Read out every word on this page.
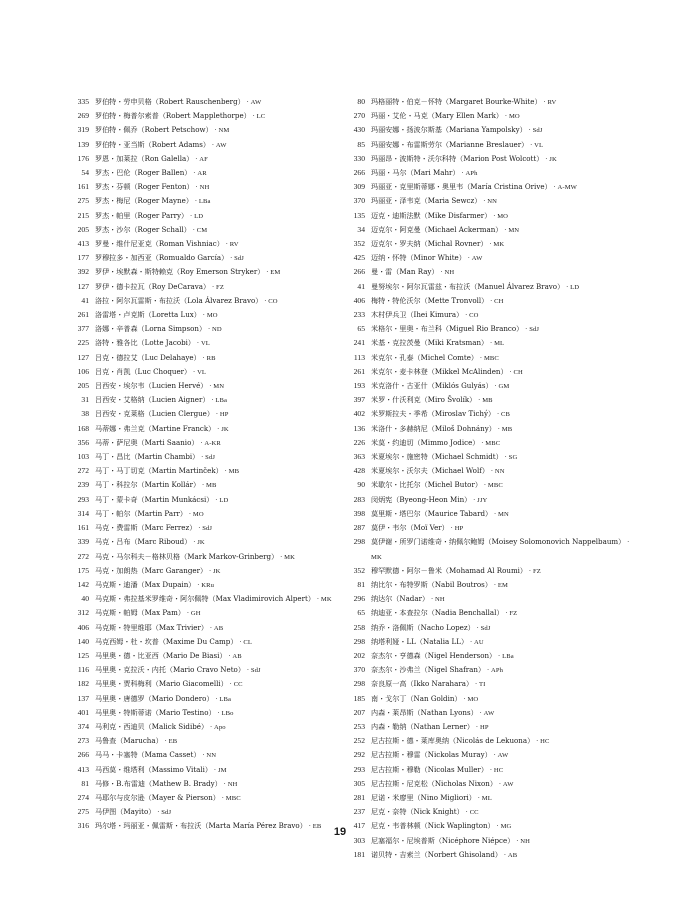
335 罗伯特・劳申贝格（Robert Rauschenberg） · AW
269 罗伯特・梅普尔索普（Robert Mapplethorpe） · LC
319 罗伯特・佩乔（Robert Petschow） · NM
139 罗伯特・亚当斯（Robert Adams） · AW
176 罗恩・加莱拉（Ron Galella） · AF
54 罗杰・巴伦（Roger Ballen） · AR
161 罗杰・芬顿（Roger Fenton） · NH
275 罗杰・梅尼（Roger Mayne） · LBa
215 罗杰・帕里（Roger Parry） · LD
205 罗杰・沙尔（Roger Schall） · CM
413 罗曼・维什尼亚克（Roman Vishniac） · RV
177 罗穆拉多・加西亚（Romualdo García） · SdJ
392 罗伊・埃默森・斯特赖克（Roy Emerson Stryker） · EM
127 罗伊・德卡拉瓦（Roy DeCarava） · FZ
41 洛拉・阿尔瓦雷斯・布拉沃（Lola Álvarez Bravo） · CO
261 洛雷塔・卢克斯（Loretta Lux） · MO
377 洛娜・辛普森（Lorna Simpson） · ND
225 洛特・雅各比（Lotte Jacobi） · VL
127 吕克・德拉艾（Luc Delahaye） · RB
106 吕克・肖凯（Luc Choquer） · VL
205 吕西安・埃尔韦（Lucien Hervé） · MN
31 吕西安・艾格纳（Lucien Aigner） · LBa
38 吕西安・克莱格（Lucien Clergue） · HP
168 马蒂娜・弗兰克（Martine Franck） · JK
356 马蒂・萨尼奥（Marti Saanio） · A-KR
103 马丁・昌比（Martin Chambi） · SdJ
272 马丁・马丁切克（Martin Martinček） · MB
239 马丁・科拉尔（Martin Kollár） · MB
293 马丁・蒙卡奇（Martin Munkácsi） · LD
314 马丁・帕尔（Martin Parr） · MO
161 马克・费雷斯（Marc Ferrez） · SdJ
339 马克・吕布（Marc Riboud） · JK
272 马克・马尔科夫－格林贝格（Mark Markov-Grinberg） · MK
175 马克・加朗热（Marc Garanger） · JK
142 马克斯・迪潘（Max Dupain） · KRu
40 马克斯・弗拉基米罗维奇・阿尔佩特（Max Vladimirovich Alpert） · MK
312 马克斯・帕姆（Max Pam） · GH
406 马克斯・特里维耶（Max Trivier） · AB
140 马克西姆・杜・坎普（Maxime Du Camp） · CL
125 马里奥・德・比亚西（Mario De Biasi） · AB
116 马里奥・克拉沃・内托（Mario Cravo Neto） · SdJ
182 马里奥・贾科梅利（Mario Giacomelli） · CC
137 马里奥・唐德罗（Mario Dondero） · LBa
401 马里奥・特斯蒂诺（Mario Testino） · LBo
374 马利克・西迪贝（Malick Sidibé） · Apo
273 马鲁查（Marucha） · EB
266 马马・卡塞特（Mama Casset） · NN
413 马西莫・维塔利（Massimo Vitali） · JM
81 马修・B.布雷迪（Mathew B. Brady） · NH
274 马耶尔与皮尔逊（Mayer & Pierson） · MBC
275 马伊图（Mayito） · SdJ
316 玛尔塔・玛丽亚・佩雷斯・布拉沃（Marta María Pérez Bravo） · EB
80 玛格丽特・伯克－怀特（Margaret Bourke-White） · RV
270 玛丽・艾伦・马克（Mary Ellen Mark） · MO
430 玛丽安娜・扬波尔斯基（Mariana Yampolsky） · SdJ
85 玛丽安娜・布雷斯劳尔（Marianne Breslauer） · VL
330 玛丽昂・波斯特・沃尔科特（Marion Post Wolcott） · JK
266 玛丽・马尔（Mari Mahr） · APh
309 玛丽亚・克里斯蒂娜・奥里韦（María Cristina Orive） · A-MW
370 玛丽亚・泽韦克（Maria Sewcz） · NN
135 迈克・迪斯法默（Mike Disfarmer） · MO
34 迈克尔・阿克曼（Michael Ackerman） · MN
352 迈克尔・罗夫纳（Michal Rovner） · MK
425 迈纳・怀特（Minor White） · AW
266 曼・雷（Man Ray） · NH
41 曼努埃尔・阿尔瓦雷兹・布拉沃（Manuel Álvarez Bravo） · LD
406 梅特・特伦沃尔（Mette Tronvoll） · CH
233 木村伊兵卫（Ihei Kimura） · CO
65 米格尔・里奥・布兰科（Miguel Rio Branco） · SdJ
241 米基・克拉茨曼（Miki Kratsman） · ML
113 米克尔・孔泰（Michel Comte） · MBC
261 米克尔・麦卡林登（Mikkel McAlinden） · CH
193 米克洛什・古亚什（Miklós Gulyás） · GM
397 米罗・什沃利克（Miro Švolík） · MB
402 米罗斯拉夫・季希（Miroslav Tichý） · CB
136 米洛什・多赫纳尼（Miloš Dohnány） · MB
226 米莫・约迪切（Mimmo Jodice） · MBC
363 米夏埃尔・施密特（Michael Schmidt） · SG
428 米夏埃尔・沃尔夫（Michael Wolf） · NN
90 米歇尔・比托尔（Michel Butor） · MBC
283 闵炳宪（Byeong-Heon Min） · JJY
398 莫里斯・塔巴尔（Maurice Tabard） · MN
287 莫伊・韦尔（Moï Ver） · HP
298 莫伊谢・所罗门诺维奇・纳佩尔鲍姆（Moisey Solomonovich Nappelbaum） · MK
352 穆罕默德・阿尔－鲁米（Mohamad Al Roumi） · FZ
81 纳比尔・布特罗斯（Nabil Boutros） · EM
296 纳达尔（Nadar） · NH
65 纳迪亚・本查拉尔（Nadia Benchallal） · FZ
258 纳乔・洛佩斯（Nacho Lopez） · SdJ
298 纳塔利娅・LL（Natalia LL） · AU
202 奈杰尔・亨德森（Nigel Henderson） · LBa
370 奈杰尔・沙弗兰（Nigel Shafran） · APh
298 奈良原一高（Ikko Narahara） · TI
185 南・戈尔丁（Nan Goldin） · MO
207 内森・莱昂斯（Nathan Lyons） · AW
253 内森・勒纳（Nathan Lerner） · HP
252 尼古拉斯・德・莱库奥纳（Nicolás de Lekuona） · HC
292 尼古拉斯・穆雷（Nickolas Muray） · AW
293 尼古拉斯・穆勒（Nicolas Muller） · HC
305 尼古拉斯・尼克松（Nicholas Nixon） · AW
281 尼诺・米廖里（Nino Migliori） · ML
237 尼克・奈特（Nick Knight） · CC
417 尼克・韦普林顿（Nick Waplington） · MG
303 尼塞福尔・尼埃普斯（Nicéphore Niépce） · NH
181 诺贝特・吉索兰（Norbert Ghisoland） · AB
19
